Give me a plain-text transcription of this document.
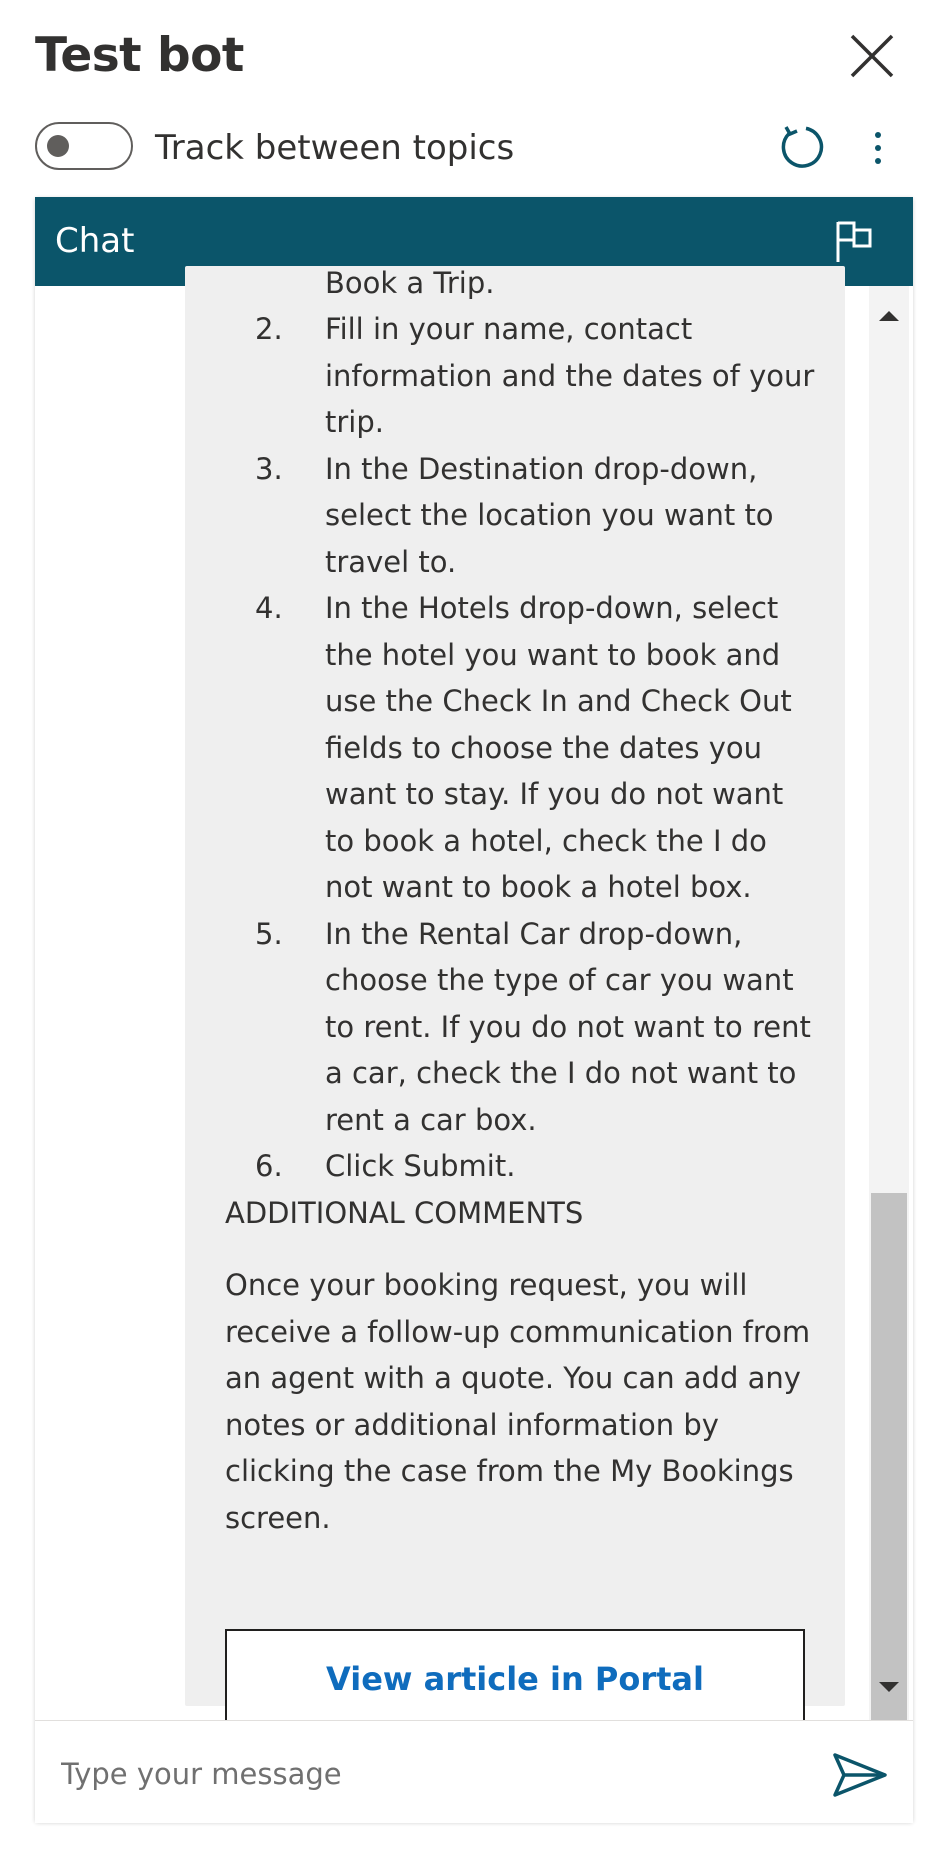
Test bot
Track between topics
Chat
Book a Trip.
2.	Fill in your name, contact information and the dates of your trip.
3.	In the Destination drop-down, select the location you want to travel to.
4.	In the Hotels drop-down, select the hotel you want to book and use the Check In and Check Out fields to choose the dates you want to stay. If you do not want to book a hotel, check the I do not want to book a hotel box.
5.	In the Rental Car drop-down, choose the type of car you want to rent. If you do not want to rent a car, check the I do not want to rent a car box.
6.	Click Submit.
ADDITIONAL COMMENTS
Once your booking request, you will receive a follow-up communication from an agent with a quote. You can add any notes or additional information by clicking the case from the My Bookings screen.
View article in Portal
Type your message
